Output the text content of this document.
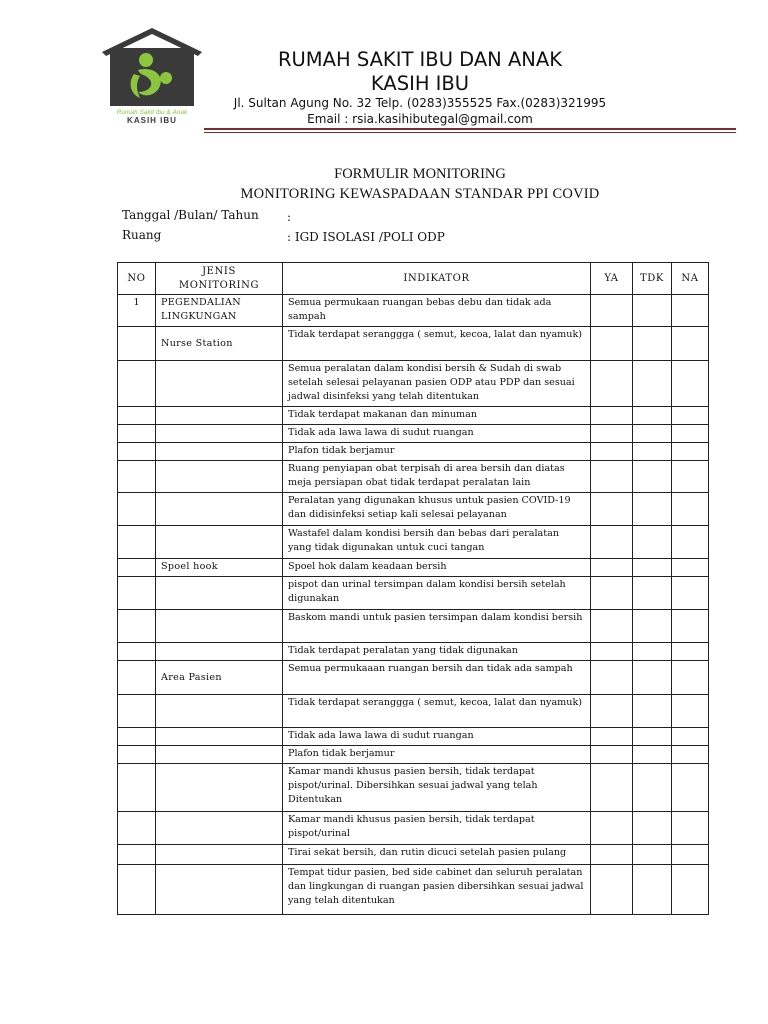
Rumah Sakit Ibu & Anak
KASIH IBU
RUMAH SAKIT IBU DAN ANAK
KASIH IBU
Jl. Sultan Agung No. 32 Telp. (0283)355525 Fax.(0283)321995
Email : rsia.kasihibutegal@gmail.com
FORMULIR MONITORING
MONITORING KEWASPADAAN STANDAR PPI COVID
Tanggal /Bulan/ Tahun :
Ruang	: IGD ISOLASI /POLI ODP
NO	JENIS MONITORING	INDIKATOR	YA	TDK	NA
1	PEGENDALIAN LINGKUNGAN	Semua permukaan ruangan bebas debu dan tidak ada sampah			
	Nurse Station	Tidak terdapat seranggga ( semut, kecoa, lalat dan nyamuk)			
		Semua peralatan dalam kondisi bersih & Sudah di swab setelah selesai pelayanan pasien ODP atau PDP dan sesuai jadwal disinfeksi yang telah ditentukan			
		Tidak terdapat makanan dan minuman			
		Tidak ada lawa lawa di sudut ruangan			
		Plafon tidak berjamur			
		Ruang penyiapan obat terpisah di area bersih dan diatas meja persiapan obat tidak terdapat peralatan lain			
		Peralatan yang digunakan khusus untuk pasien COVID-19 dan didisinfeksi setiap kali selesai pelayanan			
		Wastafel dalam kondisi bersih dan bebas dari peralatan yang tidak digunakan untuk cuci tangan			
	Spoel hook	Spoel hok dalam keadaan bersih			
		pispot dan urinal tersimpan dalam kondisi bersih setelah digunakan			
		Baskom mandi untuk pasien tersimpan dalam kondisi bersih			
		Tidak terdapat peralatan yang tidak digunakan			
	Area Pasien	Semua permukaaan ruangan bersih dan tidak ada sampah			
		Tidak terdapat seranggga ( semut, kecoa, lalat dan nyamuk)			
		Tidak ada lawa lawa di sudut ruangan			
		Plafon tidak berjamur			
		Kamar mandi khusus pasien bersih, tidak terdapat pispot/urinal. Dibersihkan sesuai jadwal yang telah Ditentukan			
		Kamar mandi khusus pasien bersih, tidak terdapat pispot/urinal			
		Tirai sekat bersih, dan rutin dicuci setelah pasien pulang			
		Tempat tidur pasien, bed side cabinet dan seluruh peralatan dan lingkungan di ruangan pasien dibersihkan sesuai jadwal yang telah ditentukan			
